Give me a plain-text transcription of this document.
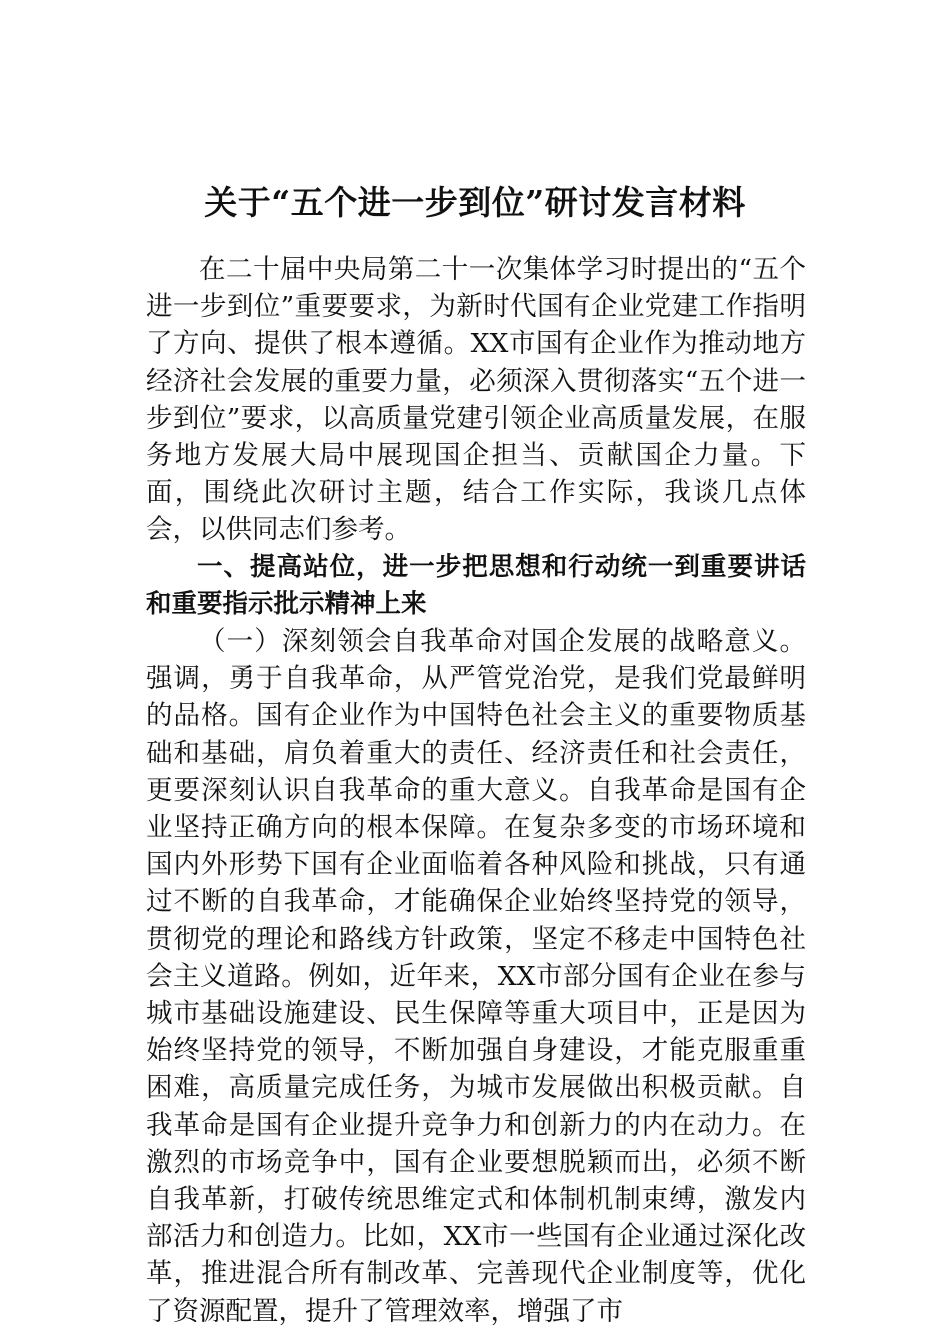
关于“五个进一步到位”研讨发言材料

在二十届中央局第二十一次集体学习时提出的“五个进一步到位”重要要求，为新时代国有企业党建工作指明了方向、提供了根本遵循。XX市国有企业作为推动地方经济社会发展的重要力量，必须深入贯彻落实“五个进一步到位”要求，以高质量党建引领企业高质量发展，在服务地方发展大局中展现国企担当、贡献国企力量。下面，围绕此次研讨主题，结合工作实际，我谈几点体会，以供同志们参考。

一、提高站位，进一步把思想和行动统一到重要讲话和重要指示批示精神上来

（一）深刻领会自我革命对国企发展的战略意义。强调，勇于自我革命，从严管党治党，是我们党最鲜明的品格。国有企业作为中国特色社会主义的重要物质基础和基础，肩负着重大的责任、经济责任和社会责任，更要深刻认识自我革命的重大意义。自我革命是国有企业坚持正确方向的根本保障。在复杂多变的市场环境和国内外形势下国有企业面临着各种风险和挑战，只有通过不断的自我革命，才能确保企业始终坚持党的领导，贯彻党的理论和路线方针政策，坚定不移走中国特色社会主义道路。例如，近年来，XX市部分国有企业在参与城市基础设施建设、民生保障等重大项目中，正是因为始终坚持党的领导，不断加强自身建设，才能克服重重困难，高质量完成任务，为城市发展做出积极贡献。自我革命是国有企业提升竞争力和创新力的内在动力。在激烈的市场竞争中，国有企业要想脱颖而出，必须不断自我革新，打破传统思维定式和体制机制束缚，激发内部活力和创造力。比如，XX市一些国有企业通过深化改革，推进混合所有制改革、完善现代企业制度等，优化了资源配置，提升了管理效率，增强了市
